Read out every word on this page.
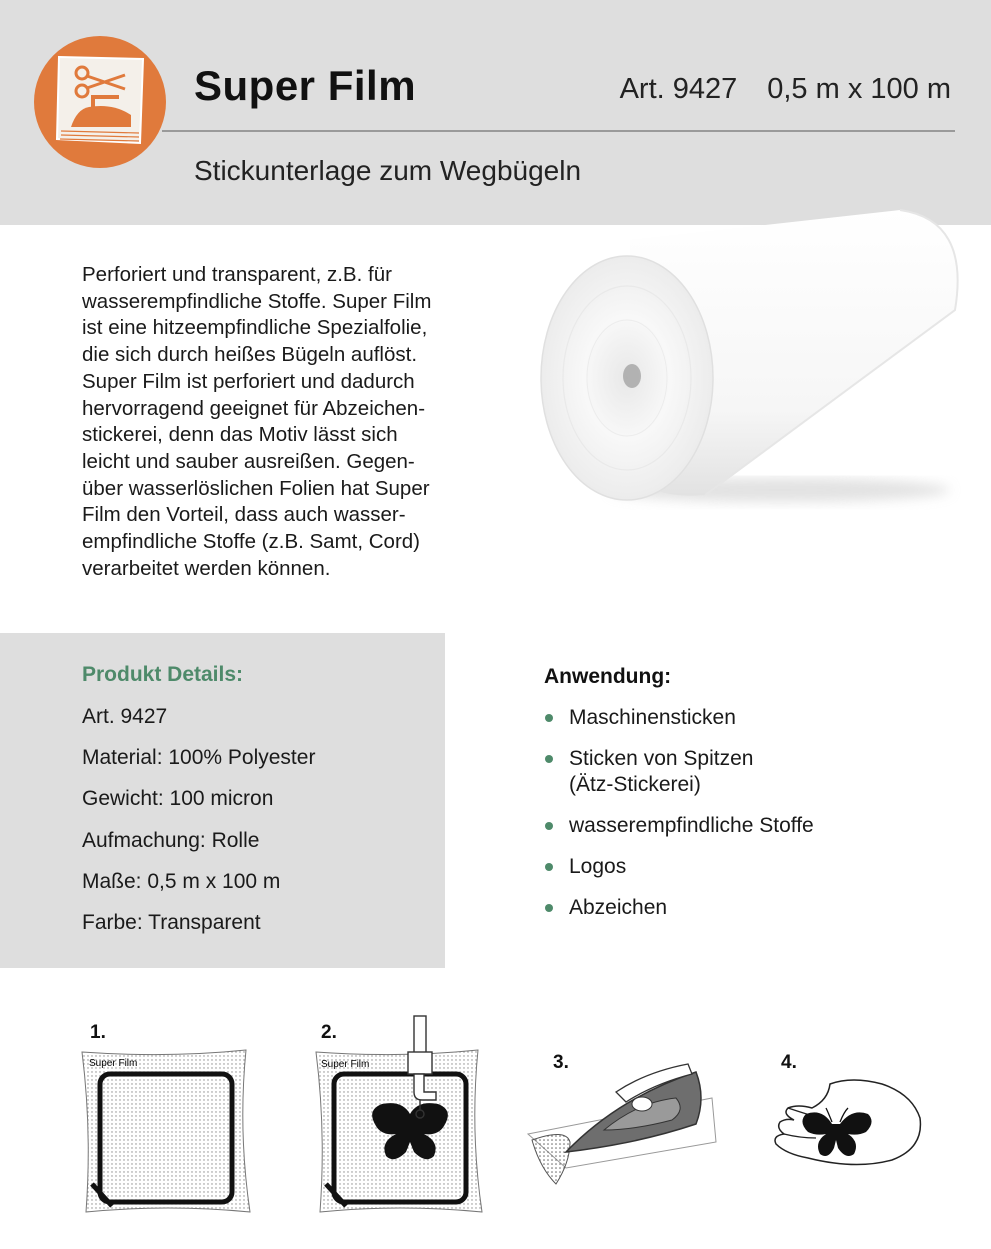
Super Film	Art. 9427 0,5 m x 100 m
Stickunterlage zum Wegbügeln

Perforiert und transparent, z.B. für
wasserempfindliche Stoffe. Super Film
ist eine hitzeempfindliche Spezialfolie,
die sich durch heißes Bügeln auflöst.
Super Film ist perforiert und dadurch
hervorragend geeignet für Abzeichen-
stickerei, denn das Motiv lässt sich
leicht und sauber ausreißen. Gegen-
über wasserlöslichen Folien hat Super
Film den Vorteil, dass auch wasser-
empfindliche Stoffe (z.B. Samt, Cord)
verarbeitet werden können.

Produkt Details:
Art. 9427
Material: 100% Polyester
Gewicht: 100 micron
Aufmachung: Rolle
Maße: 0,5 m x 100 m
Farbe: Transparent
Anwendung:
Maschinensticken
Sticken von Spitzen
(Ätz-Stickerei)
wasserempfindliche Stoffe
Logos
Abzeichen
1.	2.
3.	4.
Super Film	Super Film
